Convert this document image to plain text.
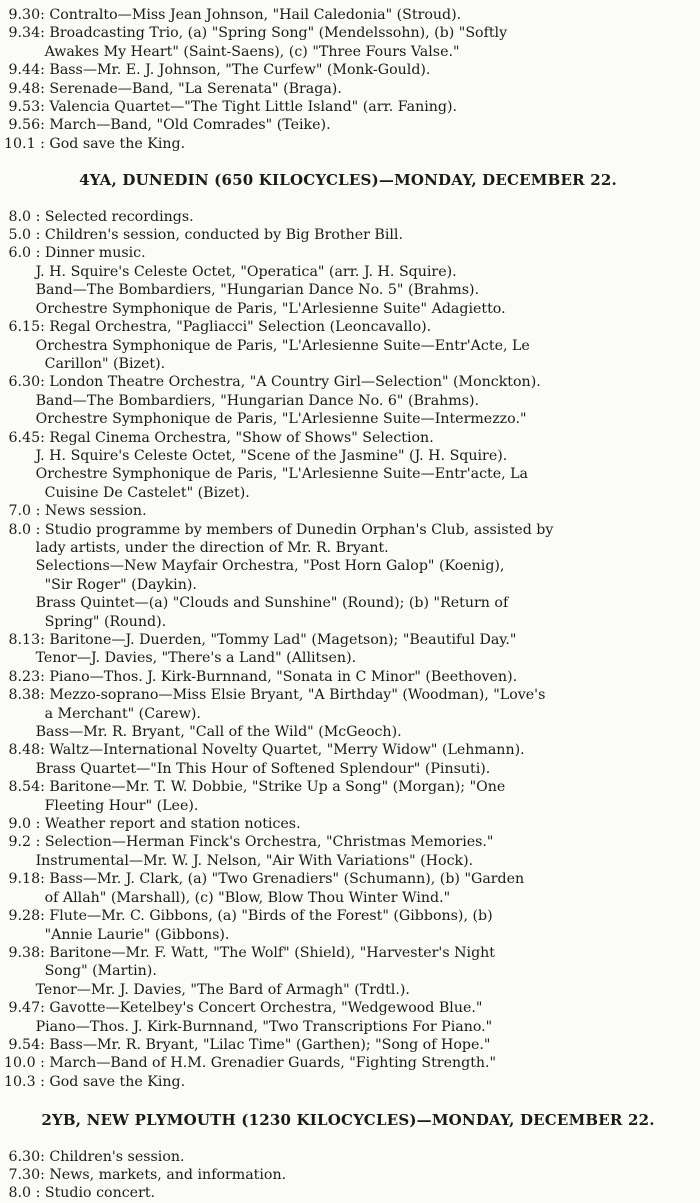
9.30: Contralto—Miss Jean Johnson, "Hail Caledonia" (Stroud).
9.34: Broadcasting Trio, (a) "Spring Song" (Mendelssohn), (b) "Softly
Awakes My Heart" (Saint-Saens), (c) "Three Fours Valse."
9.44: Bass—Mr. E. J. Johnson, "The Curfew" (Monk-Gould).
9.48: Serenade—Band, "La Serenata" (Braga).
9.53: Valencia Quartet—"The Tight Little Island" (arr. Faning).
9.56: March—Band, "Old Comrades" (Teike).
10.1 : God save the King.
4YA, DUNEDIN (650 KILOCYCLES)—MONDAY, DECEMBER 22.
8.0 : Selected recordings.
5.0 : Children's session, conducted by Big Brother Bill.
6.0 : Dinner music.
J. H. Squire's Celeste Octet, "Operatica" (arr. J. H. Squire).
Band—The Bombardiers, "Hungarian Dance No. 5" (Brahms).
Orchestre Symphonique de Paris, "L'Arlesienne Suite" Adagietto.
6.15: Regal Orchestra, "Pagliacci" Selection (Leoncavallo).
Orchestra Symphonique de Paris, "L'Arlesienne Suite—Entr'Acte, Le
Carillon" (Bizet).
6.30: London Theatre Orchestra, "A Country Girl—Selection" (Monckton).
Band—The Bombardiers, "Hungarian Dance No. 6" (Brahms).
Orchestre Symphonique de Paris, "L'Arlesienne Suite—Intermezzo."
6.45: Regal Cinema Orchestra, "Show of Shows" Selection.
J. H. Squire's Celeste Octet, "Scene of the Jasmine" (J. H. Squire).
Orchestre Symphonique de Paris, "L'Arlesienne Suite—Entr'acte, La
Cuisine De Castelet" (Bizet).
7.0 : News session.
8.0 : Studio programme by members of Dunedin Orphan's Club, assisted by
lady artists, under the direction of Mr. R. Bryant.
Selections—New Mayfair Orchestra, "Post Horn Galop" (Koenig),
"Sir Roger" (Daykin).
Brass Quintet—(a) "Clouds and Sunshine" (Round); (b) "Return of
Spring" (Round).
8.13: Baritone—J. Duerden, "Tommy Lad" (Magetson); "Beautiful Day."
Tenor—J. Davies, "There's a Land" (Allitsen).
8.23: Piano—Thos. J. Kirk-Burnnand, "Sonata in C Minor" (Beethoven).
8.38: Mezzo-soprano—Miss Elsie Bryant, "A Birthday" (Woodman), "Love's
a Merchant" (Carew).
Bass—Mr. R. Bryant, "Call of the Wild" (McGeoch).
8.48: Waltz—International Novelty Quartet, "Merry Widow" (Lehmann).
Brass Quartet—"In This Hour of Softened Splendour" (Pinsuti).
8.54: Baritone—Mr. T. W. Dobbie, "Strike Up a Song" (Morgan); "One
Fleeting Hour" (Lee).
9.0 : Weather report and station notices.
9.2 : Selection—Herman Finck's Orchestra, "Christmas Memories."
Instrumental—Mr. W. J. Nelson, "Air With Variations" (Hock).
9.18: Bass—Mr. J. Clark, (a) "Two Grenadiers" (Schumann), (b) "Garden
of Allah" (Marshall), (c) "Blow, Blow Thou Winter Wind."
9.28: Flute—Mr. C. Gibbons, (a) "Birds of the Forest" (Gibbons), (b)
"Annie Laurie" (Gibbons).
9.38: Baritone—Mr. F. Watt, "The Wolf" (Shield), "Harvester's Night
Song" (Martin).
Tenor—Mr. J. Davies, "The Bard of Armagh" (Trdtl.).
9.47: Gavotte—Ketelbey's Concert Orchestra, "Wedgewood Blue."
Piano—Thos. J. Kirk-Burnnand, "Two Transcriptions For Piano."
9.54: Bass—Mr. R. Bryant, "Lilac Time" (Garthen); "Song of Hope."
10.0 : March—Band of H.M. Grenadier Guards, "Fighting Strength."
10.3 : God save the King.
2YB, NEW PLYMOUTH (1230 KILOCYCLES)—MONDAY, DECEMBER 22.
6.30: Children's session.
7.30: News, markets, and information.
8.0 : Studio concert.
